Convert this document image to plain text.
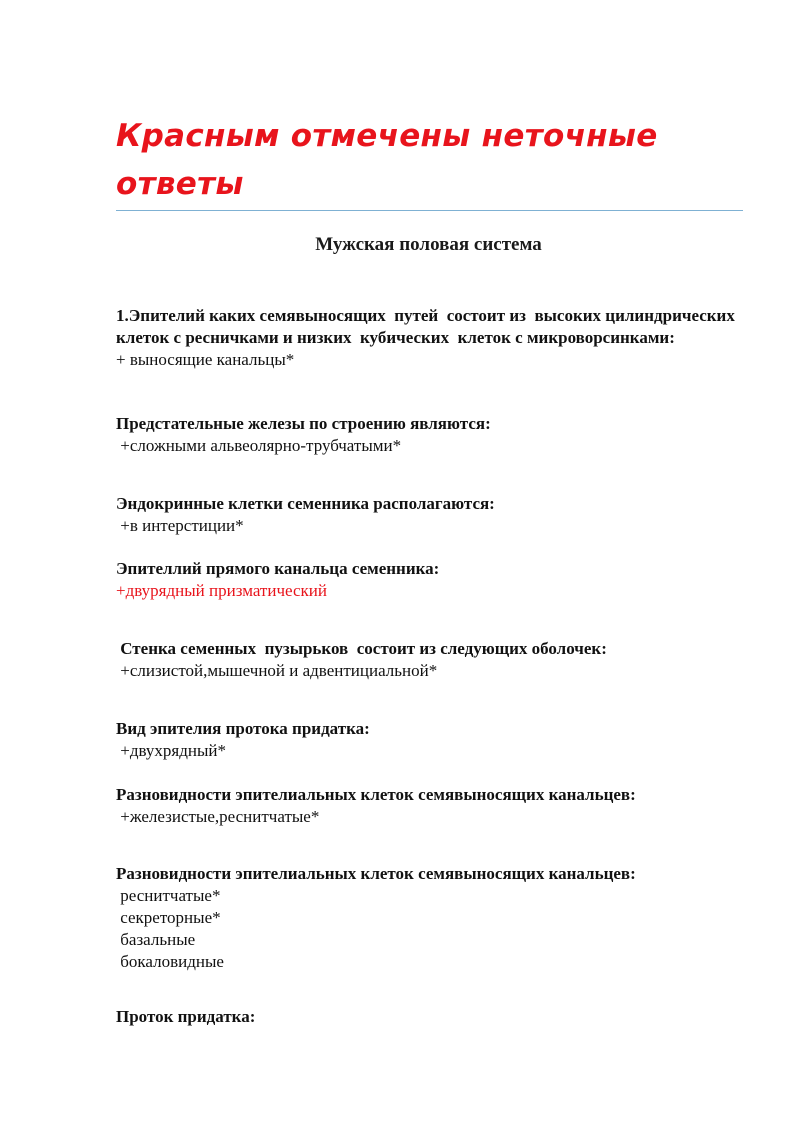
Красным отмечены неточные ответы
Мужская половая система
1.Эпителий каких семявыносящих  путей  состоит из  высоких цилиндрических клеток с ресничками и низких  кубических  клеток с микроворсинками:
+ выносящие канальцы*
Предстательные железы по строению являются:
+сложными альвеолярно-трубчатыми*
Эндокринные клетки семенника располагаются:
+в интерстиции*
Эпителлий прямого канальца семенника:
+двурядный призматический
Стенка семенных  пузырьков  состоит из следующих оболочек:
+слизистой,мышечной и адвентициальной*
Вид эпителия протока придатка:
+двухрядный*
Разновидности эпителиальных клеток семявыносящих канальцев:
+железистые,реснитчатые*
Разновидности эпителиальных клеток семявыносящих канальцев:
реснитчатые*
секреторные*
базальные
бокаловидные
Проток придатка:
